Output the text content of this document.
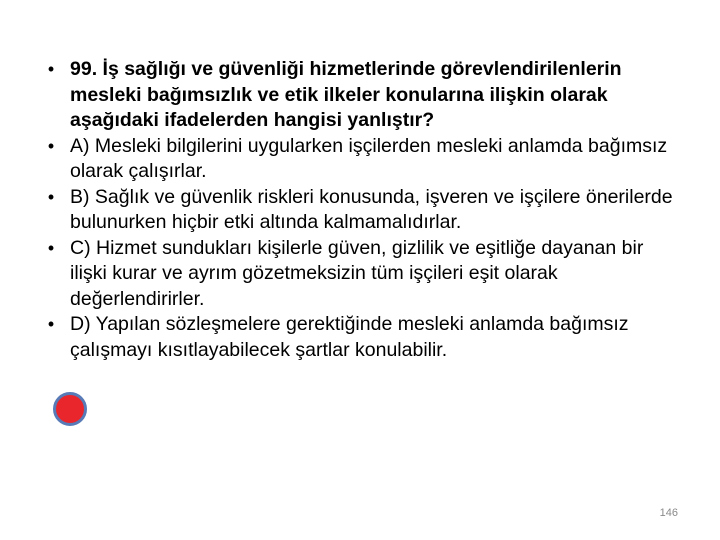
• 99. İş sağlığı ve güvenliği hizmetlerinde görevlendirilenlerin mesleki bağımsızlık ve etik ilkeler konularına ilişkin olarak aşağıdaki ifadelerden hangisi yanlıştır?
• A) Mesleki bilgilerini uygularken işçilerden mesleki anlamda bağımsız olarak çalışırlar.
• B) Sağlık ve güvenlik riskleri konusunda, işveren ve işçilere önerilerde bulunurken hiçbir etki altında kalmamalıdırlar.
• C) Hizmet sundukları kişilerle güven, gizlilik ve eşitliğe dayanan bir ilişki kurar ve ayrım gözetmeksizin tüm işçileri eşit olarak değerlendirirler.
• D) Yapılan sözleşmelere gerektiğinde mesleki anlamda bağımsız çalışmayı kısıtlayabilecek şartlar konulabilir.
146
